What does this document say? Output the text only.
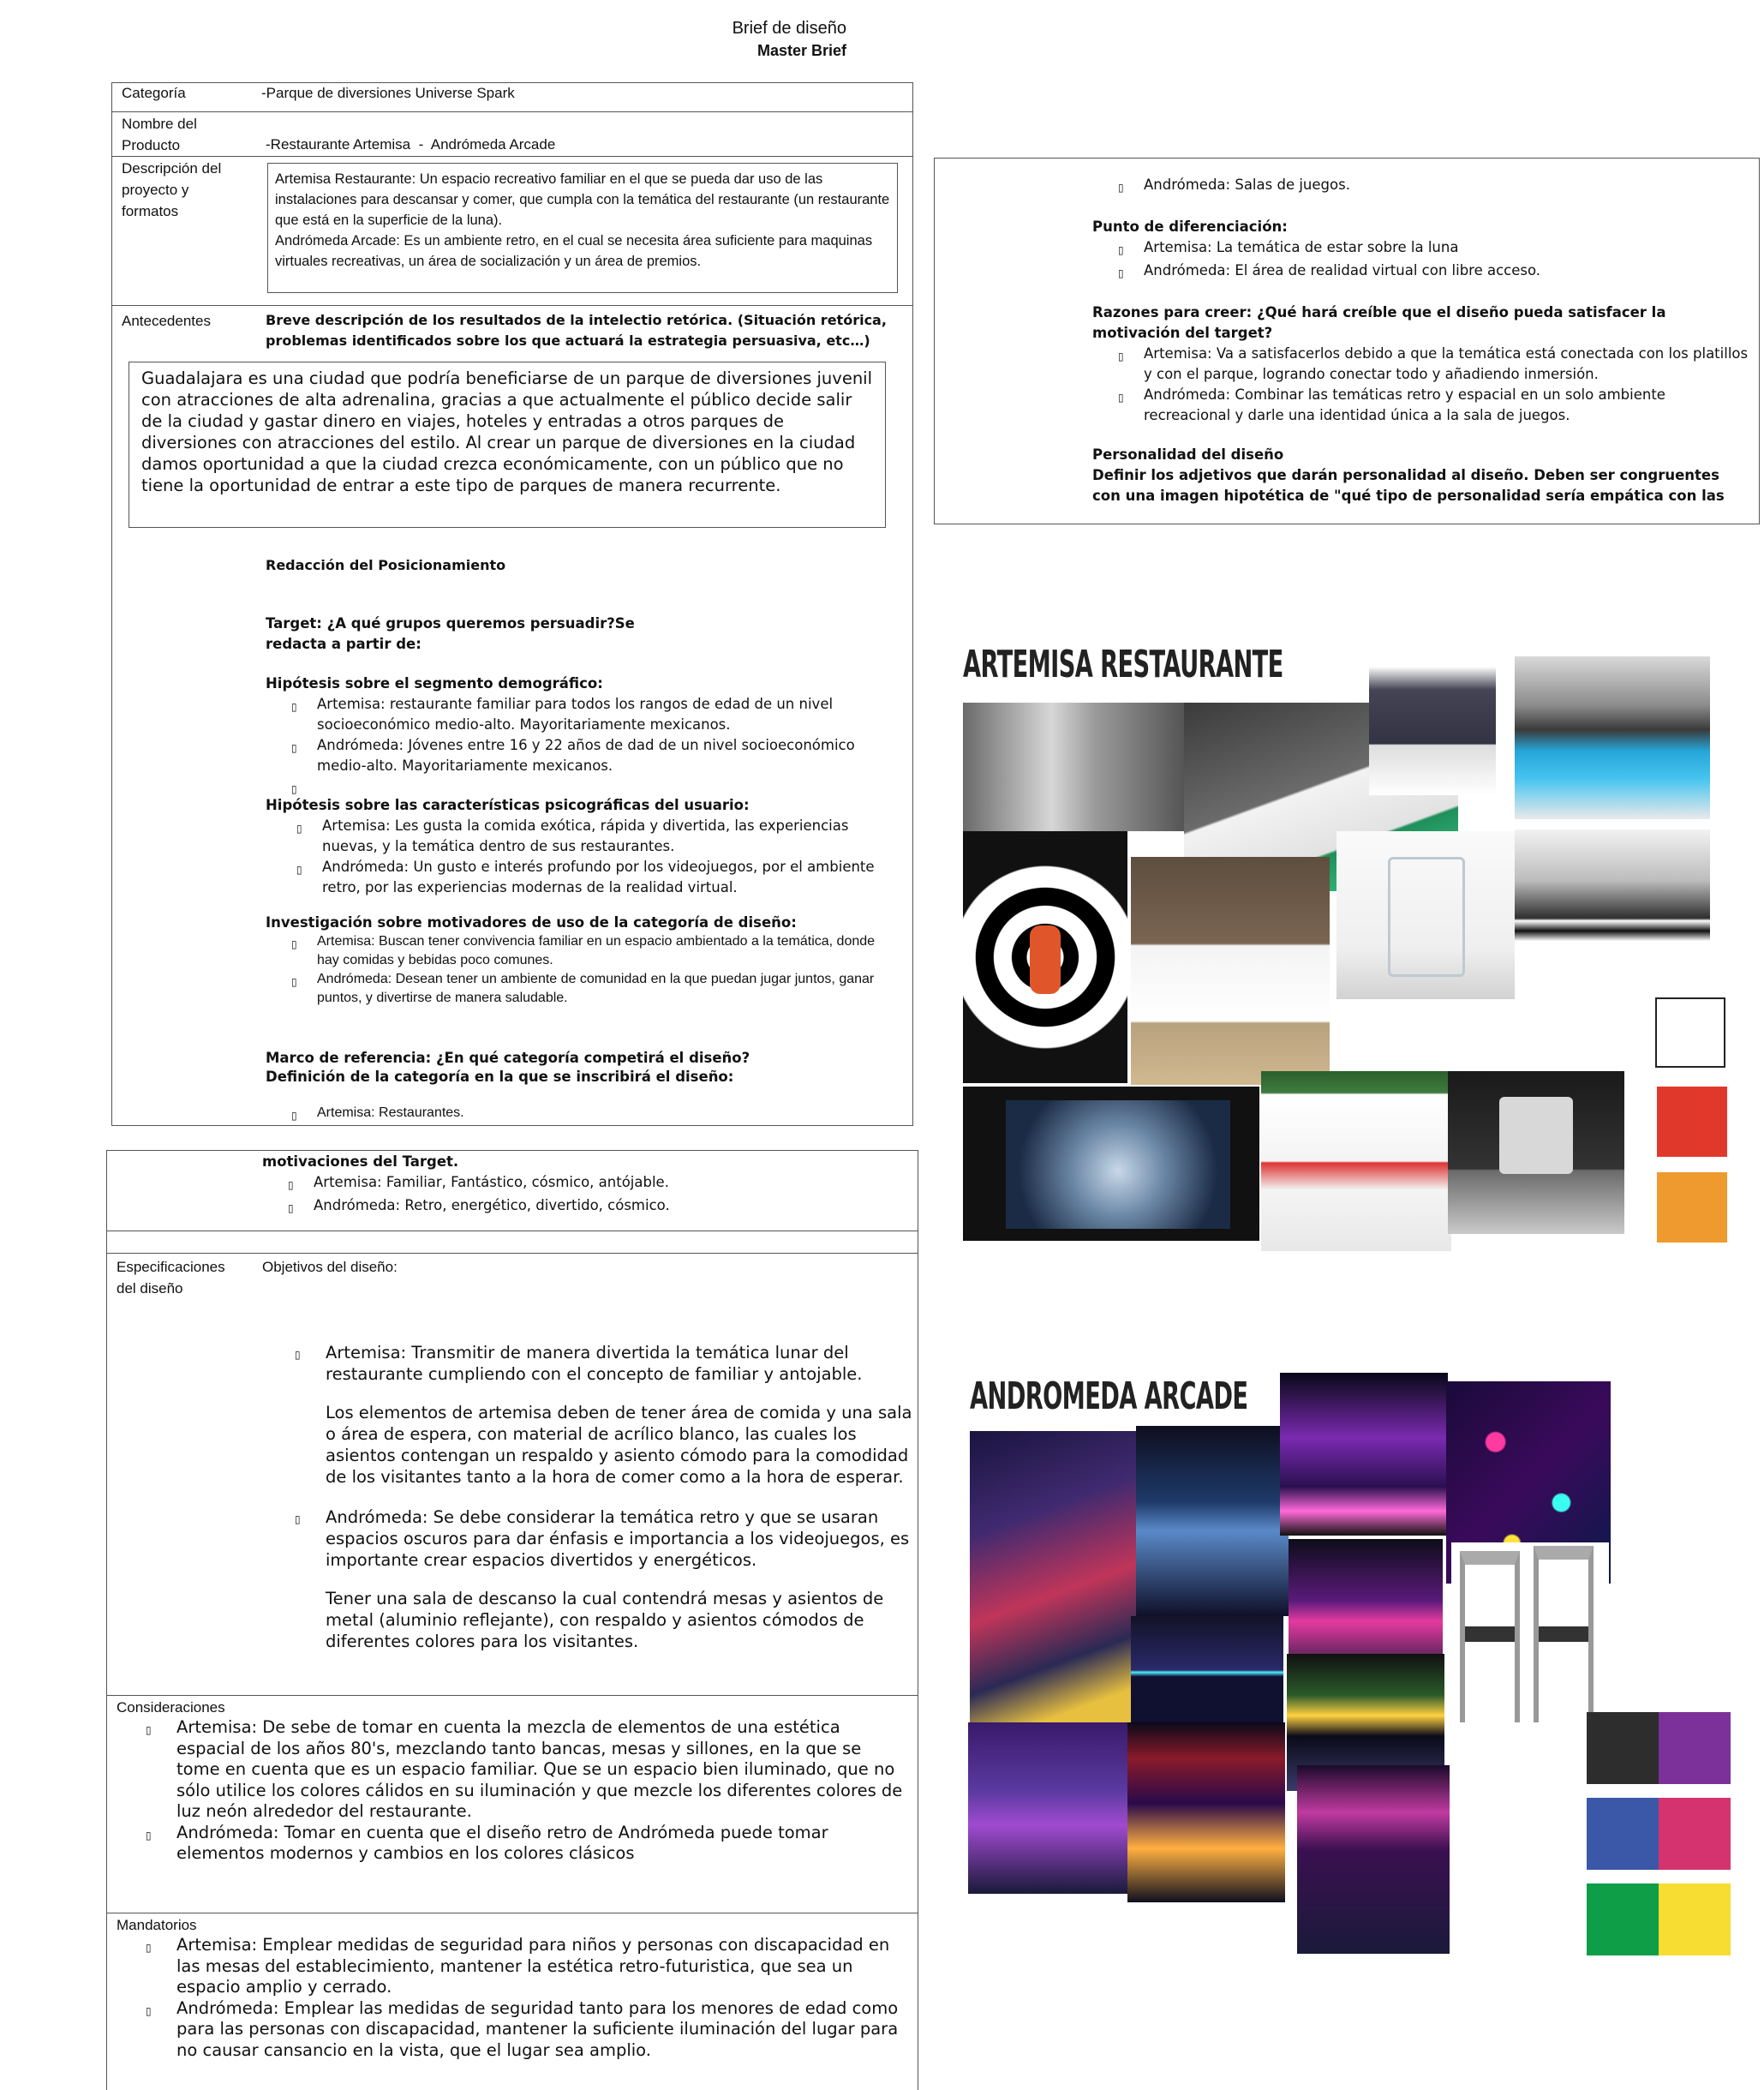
Brief de diseño
Master Brief
Categoría	-Parque de diversiones Universe Spark
Nombre del
Producto	-Restaurante Artemisa  -  Andrómeda Arcade
Descripción del
proyecto y
formatos
Artemisa Restaurante: Un espacio recreativo familiar en el que se pueda dar uso de las instalaciones para descansar y comer, que cumpla con la temática del restaurante (un restaurante que está en la superficie de la luna).
Andrómeda Arcade: Es un ambiente retro, en el cual se necesita área suficiente para maquinas virtuales recreativas, un área de socialización y un área de premios.
Antecedentes	Breve descripción de los resultados de la intelectio retórica. (Situación retórica, problemas identificados sobre los que actuará la estrategia persuasiva, etc…)
Guadalajara es una ciudad que podría beneficiarse de un parque de diversiones juvenil con atracciones de alta adrenalina, gracias a que actualmente el público decide salir de la ciudad y gastar dinero en viajes, hoteles y entradas a otros parques de diversiones con atracciones del estilo. Al crear un parque de diversiones en la ciudad damos oportunidad a que la ciudad crezca económicamente, con un público que no tiene la oportunidad de entrar a este tipo de parques de manera recurrente.
Redacción del Posicionamiento
Target: ¿A qué grupos queremos persuadir?Se
redacta a partir de:
Hipótesis sobre el segmento demográfico:
▯	Artemisa: restaurante familiar para todos los rangos de edad de un nivel socioeconómico medio-alto. Mayoritariamente mexicanos.
▯	Andrómeda: Jóvenes entre 16 y 22 años de dad de un nivel socioeconómico medio-alto. Mayoritariamente mexicanos.
▯
Hipótesis sobre las características psicográficas del usuario:
▯	Artemisa: Les gusta la comida exótica, rápida y divertida, las experiencias nuevas, y la temática dentro de sus restaurantes.
▯	Andrómeda: Un gusto e interés profundo por los videojuegos, por el ambiente retro, por las experiencias modernas de la realidad virtual.
Investigación sobre motivadores de uso de la categoría de diseño:
▯	Artemisa: Buscan tener convivencia familiar en un espacio ambientado a la temática, donde hay comidas y bebidas poco comunes.
▯	Andrómeda: Desean tener un ambiente de comunidad en la que puedan jugar juntos, ganar puntos, y divertirse de manera saludable.
Marco de referencia: ¿En qué categoría competirá el diseño?
Definición de la categoría en la que se inscribirá el diseño:
▯	Artemisa: Restaurantes.
▯	Andrómeda: Salas de juegos.
Punto de diferenciación:
▯	Artemisa: La temática de estar sobre la luna
▯	Andrómeda: El área de realidad virtual con libre acceso.
Razones para creer: ¿Qué hará creíble que el diseño pueda satisfacer la motivación del target?
▯	Artemisa: Va a satisfacerlos debido a que la temática está conectada con los platillos y con el parque, logrando conectar todo y añadiendo inmersión.
▯	Andrómeda: Combinar las temáticas retro y espacial en un solo ambiente recreacional y darle una identidad única a la sala de juegos.
Personalidad del diseño
Definir los adjetivos que darán personalidad al diseño. Deben ser congruentes con una imagen hipotética de "qué tipo de personalidad sería empática con las
motivaciones del Target.
▯	Artemisa: Familiar, Fantástico, cósmico, antójable.
▯	Andrómeda: Retro, energético, divertido, cósmico.
Especificaciones
del diseño
Objetivos del diseño:
▯	Artemisa: Transmitir de manera divertida la temática lunar del restaurante cumpliendo con el concepto de familiar y antojable.
Los elementos de artemisa deben de tener área de comida y una sala o área de espera, con material de acrílico blanco, las cuales los asientos contengan un respaldo y asiento cómodo para la comodidad de los visitantes tanto a la hora de comer como a la hora de esperar.
▯	Andrómeda: Se debe considerar la temática retro y que se usaran espacios oscuros para dar énfasis e importancia a los videojuegos, es importante crear espacios divertidos y energéticos.
Tener una sala de descanso la cual contendrá mesas y asientos de metal (aluminio reflejante), con respaldo y asientos cómodos de diferentes colores para los visitantes.
Consideraciones
▯	Artemisa: De sebe de tomar en cuenta la mezcla de elementos de una estética espacial de los años 80's, mezclando tanto bancas, mesas y sillones, en la que se tome en cuenta que es un espacio familiar. Que se un espacio bien iluminado, que no sólo utilice los colores cálidos en su iluminación y que mezcle los diferentes colores de luz neón alrededor del restaurante.
▯	Andrómeda: Tomar en cuenta que el diseño retro de Andrómeda puede tomar elementos modernos y cambios en los colores clásicos
Mandatorios
▯	Artemisa: Emplear medidas de seguridad para niños y personas con discapacidad en las mesas del establecimiento, mantener la estética retro-futuristica, que sea un espacio amplio y cerrado.
▯	Andrómeda: Emplear las medidas de seguridad tanto para los menores de edad como para las personas con discapacidad, mantener la suficiente iluminación del lugar para no causar cansancio en la vista, que el lugar sea amplio.
ARTEMISA RESTAURANTE
ANDROMEDA ARCADE
